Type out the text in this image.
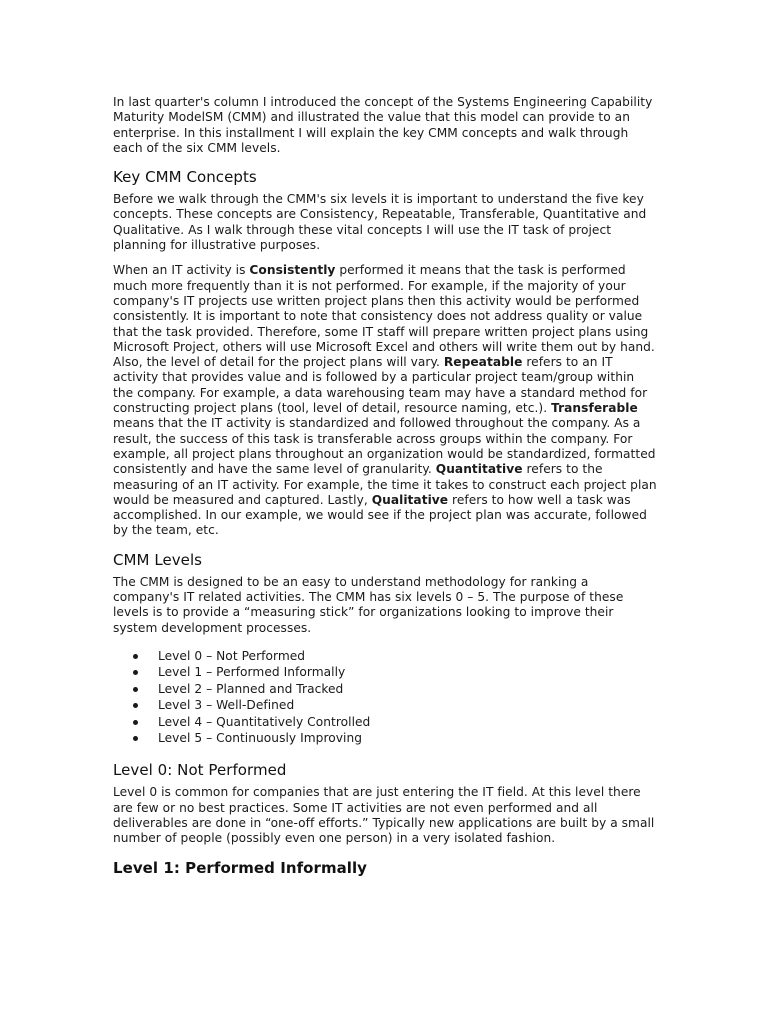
In last quarter's column I introduced the concept of the Systems Engineering Capability Maturity ModelSM (CMM) and illustrated the value that this model can provide to an enterprise. In this installment I will explain the key CMM concepts and walk through each of the six CMM levels.

Key CMM Concepts

Before we walk through the CMM's six levels it is important to understand the five key concepts. These concepts are Consistency, Repeatable, Transferable, Quantitative and Qualitative. As I walk through these vital concepts I will use the IT task of project planning for illustrative purposes.

When an IT activity is Consistently performed it means that the task is performed much more frequently than it is not performed. For example, if the majority of your company's IT projects use written project plans then this activity would be performed consistently. It is important to note that consistency does not address quality or value that the task provided. Therefore, some IT staff will prepare written project plans using Microsoft Project, others will use Microsoft Excel and others will write them out by hand. Also, the level of detail for the project plans will vary. Repeatable refers to an IT activity that provides value and is followed by a particular project team/group within the company. For example, a data warehousing team may have a standard method for constructing project plans (tool, level of detail, resource naming, etc.). Transferable means that the IT activity is standardized and followed throughout the company. As a result, the success of this task is transferable across groups within the company. For example, all project plans throughout an organization would be standardized, formatted consistently and have the same level of granularity. Quantitative refers to the measuring of an IT activity. For example, the time it takes to construct each project plan would be measured and captured. Lastly, Qualitative refers to how well a task was accomplished. In our example, we would see if the project plan was accurate, followed by the team, etc.

CMM Levels

The CMM is designed to be an easy to understand methodology for ranking a company's IT related activities. The CMM has six levels 0 – 5. The purpose of these levels is to provide a “measuring stick” for organizations looking to improve their system development processes.

Level 0 – Not Performed
Level 1 – Performed Informally
Level 2 – Planned and Tracked
Level 3 – Well-Defined
Level 4 – Quantitatively Controlled
Level 5 – Continuously Improving
Level 0: Not Performed

Level 0 is common for companies that are just entering the IT field. At this level there are few or no best practices. Some IT activities are not even performed and all deliverables are done in “one-off efforts.” Typically new applications are built by a small number of people (possibly even one person) in a very isolated fashion.

Level 1: Performed Informally
